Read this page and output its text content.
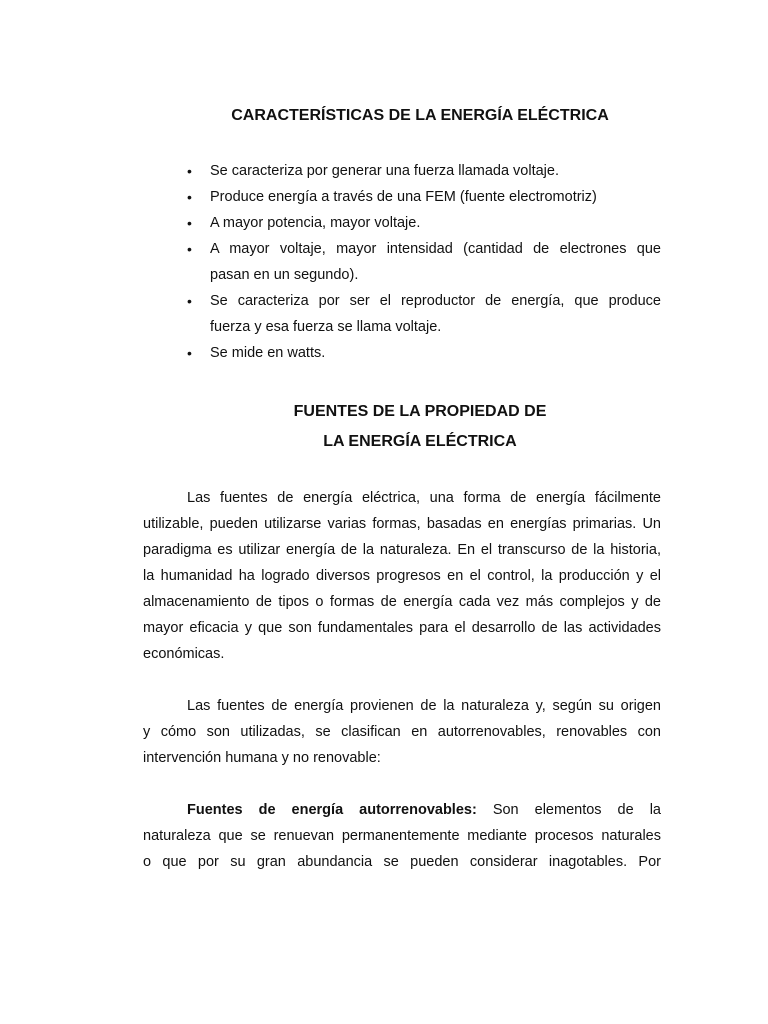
CARACTERÍSTICAS DE LA ENERGÍA ELÉCTRICA
• Se caracteriza por generar una fuerza llamada voltaje.
• Produce energía a través de una FEM (fuente electromotriz)
• A mayor potencia, mayor voltaje.
• A mayor voltaje, mayor intensidad (cantidad de electrones que
pasan en un segundo).
• Se caracteriza por ser el reproductor de energía, que produce
fuerza y esa fuerza se llama voltaje.
• Se mide en watts.
FUENTES DE LA PROPIEDAD DE
LA ENERGÍA ELÉCTRICA

Las fuentes de energía eléctrica, una forma de energía fácilmente
utilizable, pueden utilizarse varias formas, basadas en energías primarias. Un
paradigma es utilizar energía de la naturaleza. En el transcurso de la historia,
la humanidad ha logrado diversos progresos en el control, la producción y el
almacenamiento de tipos o formas de energía cada vez más complejos y de
mayor eficacia y que son fundamentales para el desarrollo de las actividades
económicas.

Las fuentes de energía provienen de la naturaleza y, según su origen
y cómo son utilizadas, se clasifican en autorrenovables, renovables con
intervención humana y no renovable:

Fuentes de energía autorrenovables: Son elementos de la
naturaleza que se renuevan permanentemente mediante procesos naturales
o que por su gran abundancia se pueden considerar inagotables. Por
